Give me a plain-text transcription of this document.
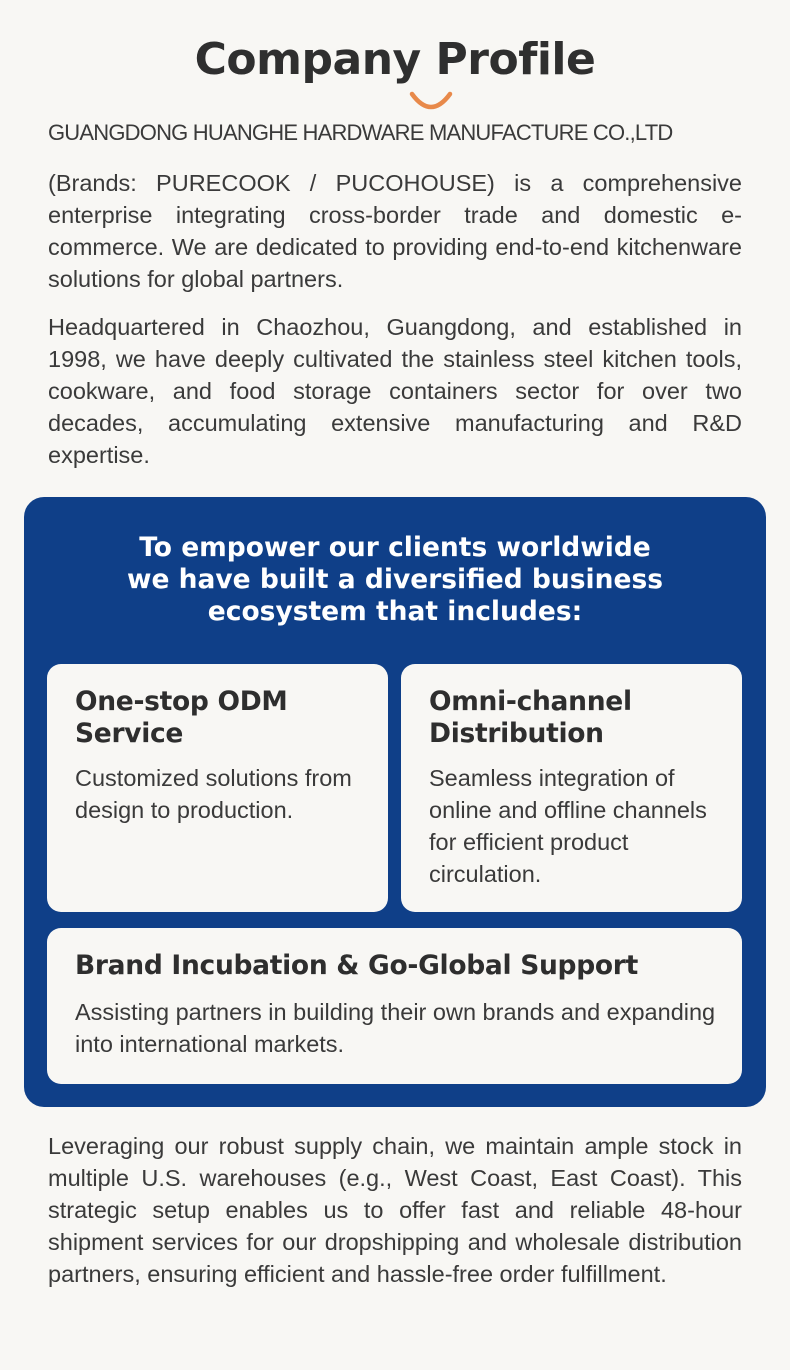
Company Profile

GUANGDONG HUANGHE HARDWARE MANUFACTURE CO.,LTD

(Brands: PURECOOK / PUCOHOUSE) is a comprehensive enterprise integrating cross-border trade and domestic e-commerce. We are dedicated to providing end-to-end kitchenware solutions for global partners.

Headquartered in Chaozhou, Guangdong, and established in 1998, we have deeply cultivated the stainless steel kitchen tools, cookware, and food storage containers sector for over two decades, accumulating extensive manufacturing and R&D expertise.

To empower our clients worldwide
we have built a diversified business
ecosystem that includes:
One-stop ODM Service

Customized solutions from design to production.

Omni-channel Distribution

Seamless integration of online and offline channels for efficient product circulation.

Brand Incubation & Go-Global Support

Assisting partners in building their own brands and expanding into international markets.

Leveraging our robust supply chain, we maintain ample stock in multiple U.S. warehouses (e.g., West Coast, East Coast). This strategic setup enables us to offer fast and reliable 48-hour shipment services for our dropshipping and wholesale distribution partners, ensuring efficient and hassle-free order fulfillment.
